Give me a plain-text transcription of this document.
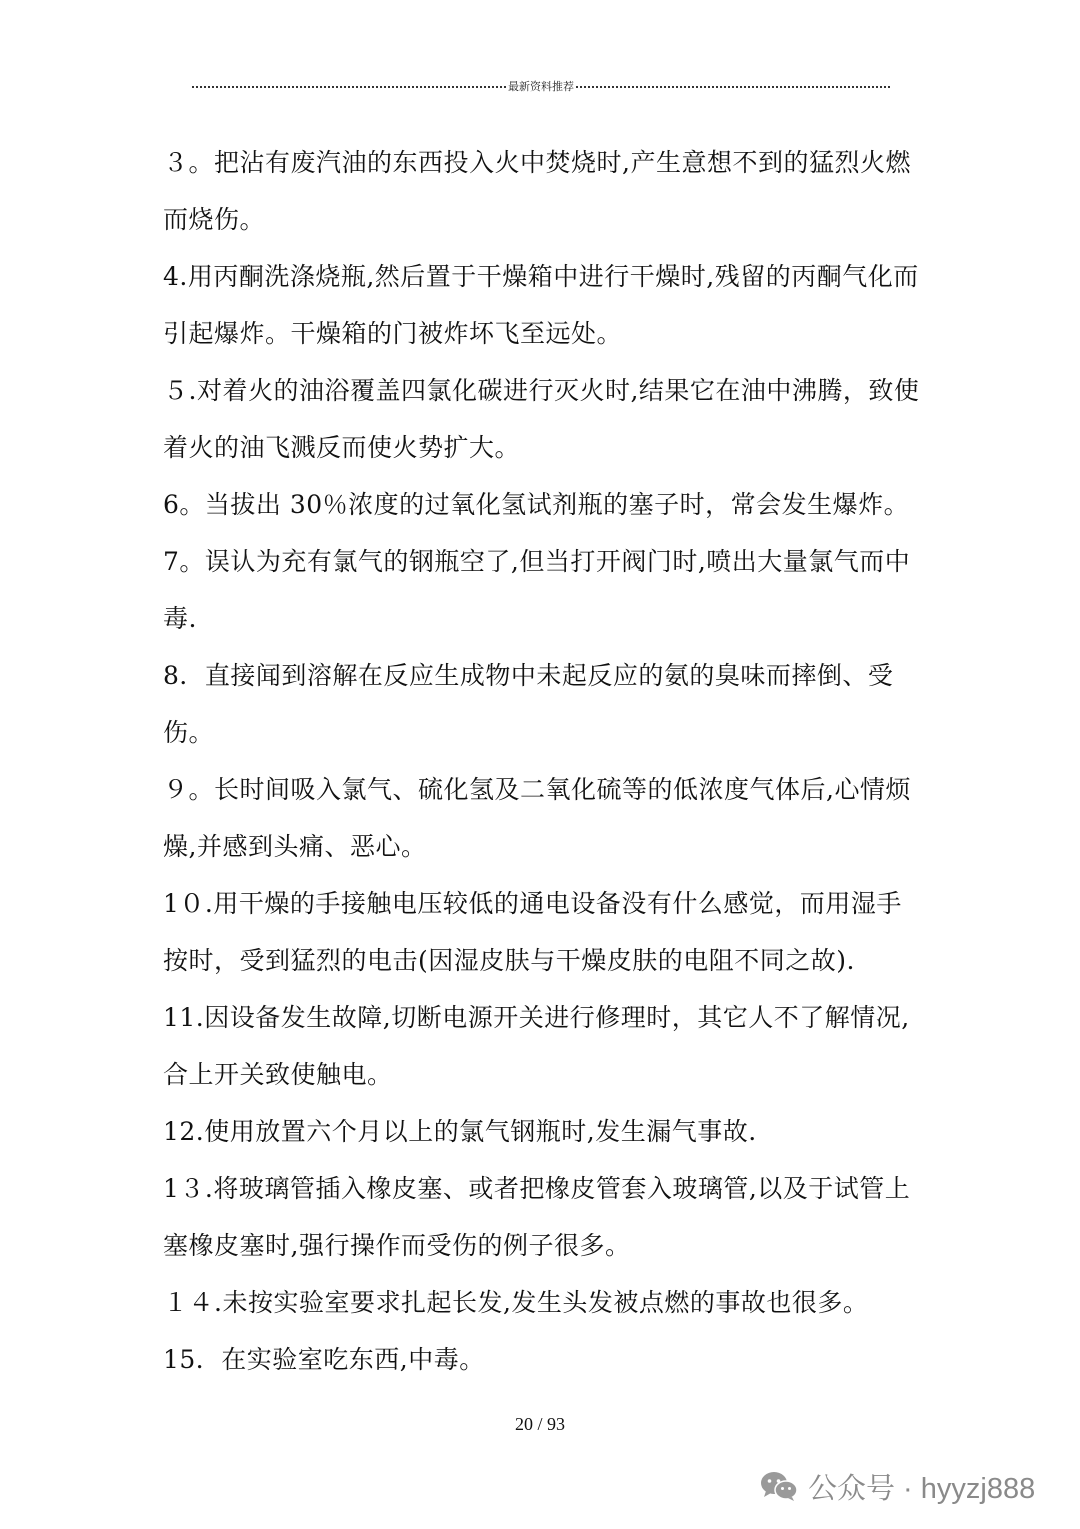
最新资料推荐

３。把沾有废汽油的东西投入火中焚烧时,产生意想不到的猛烈火燃而烧伤。

4.用丙酮洗涤烧瓶,然后置于干燥箱中进行干燥时,残留的丙酮气化而引起爆炸。干燥箱的门被炸坏飞至远处。

５.对着火的油浴覆盖四氯化碳进行灭火时,结果它在油中沸腾，致使着火的油飞溅反而使火势扩大。

6。当拔出 30％浓度的过氧化氢试剂瓶的塞子时，常会发生爆炸。

7。误认为充有氯气的钢瓶空了,但当打开阀门时,喷出大量氯气而中毒.

8．直接闻到溶解在反应生成物中未起反应的氨的臭味而摔倒、受伤。

９。长时间吸入氯气、硫化氢及二氧化硫等的低浓度气体后,心情烦燥,并感到头痛、恶心。

1０.用干燥的手接触电压较低的通电设备没有什么感觉，而用湿手按时，受到猛烈的电击(因湿皮肤与干燥皮肤的电阻不同之故).

11.因设备发生故障,切断电源开关进行修理时，其它人不了解情况,合上开关致使触电。

12.使用放置六个月以上的氯气钢瓶时,发生漏气事故.

1３.将玻璃管插入橡皮塞、或者把橡皮管套入玻璃管,以及于试管上塞橡皮塞时,强行操作而受伤的例子很多。

１４.未按实验室要求扎起长发,发生头发被点燃的事故也很多。

15．在实验室吃东西,中毒。

20 / 93
公众号 · hyyzj888
